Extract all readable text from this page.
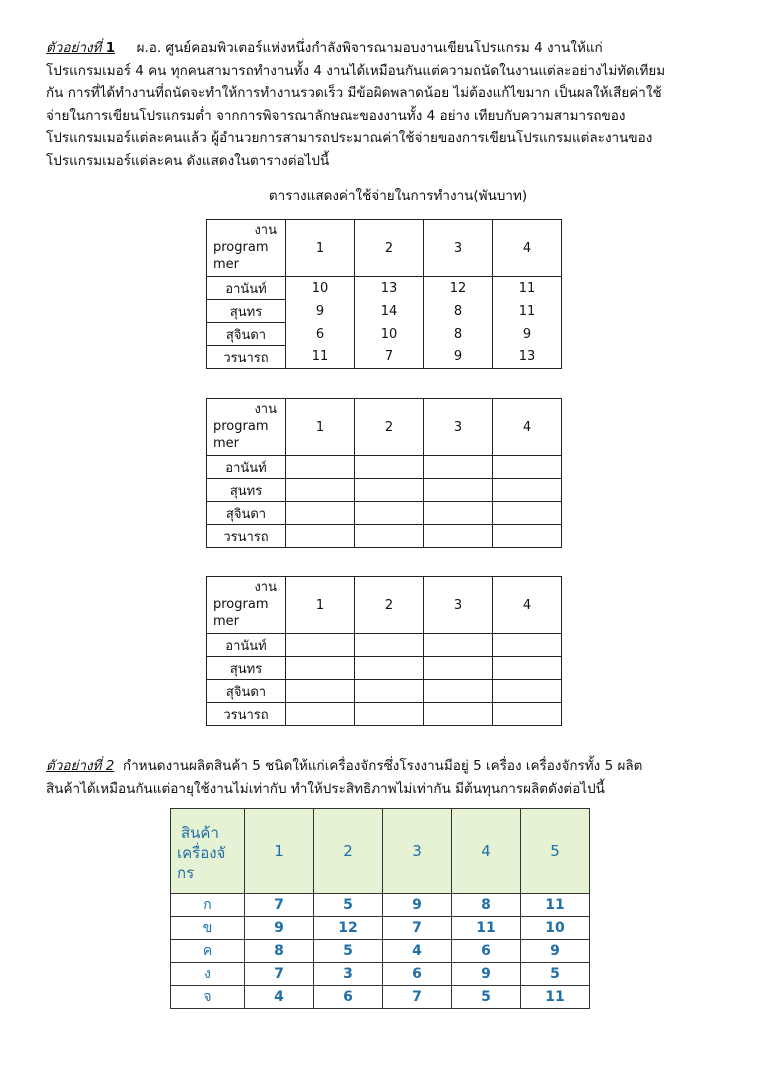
ตัวอย่างที่ 1 ผ.อ. ศูนย์คอมพิวเตอร์แห่งหนึ่งกำลังพิจารณามอบงานเขียนโปรแกรม 4 งานให้แก่
โปรแกรมเมอร์ 4 คน ทุกคนสามารถทำงานทั้ง 4 งานได้เหมือนกันแต่ความถนัดในงานแต่ละอย่างไม่ทัดเทียม
กัน การที่ได้ทำงานที่ถนัดจะทำให้การทำงานรวดเร็ว มีข้อผิดพลาดน้อย ไม่ต้องแก้ไขมาก เป็นผลให้เสียค่าใช้
จ่ายในการเขียนโปรแกรมต่ำ จากการพิจารณาลักษณะของงานทั้ง 4 อย่าง เทียบกับความสามารถของ
โปรแกรมเมอร์แต่ละคนแล้ว ผู้อำนวยการสามารถประมาณค่าใช้จ่ายของการเขียนโปรแกรมแต่ละงานของ
โปรแกรมเมอร์แต่ละคน ดังแสดงในตารางต่อไปนี้
ตารางแสดงค่าใช้จ่ายในการทำงาน(พันบาท)
งาน
program
mer	1	2	3	4
อานันท์	10	13	12	11
สุนทร	9	14	8	11
สุจินดา	6	10	8	9
วรนารถ	11	7	9	13
งาน
program
mer	1	2	3	4
อานันท์				
สุนทร				
สุจินดา				
วรนารถ				
งาน
program
mer	1	2	3	4
อานันท์				
สุนทร				
สุจินดา				
วรนารถ				
ตัวอย่างที่ 2 กำหนดงานผลิตสินค้า 5 ชนิดให้แก่เครื่องจักรซึ่งโรงงานมีอยู่ 5 เครื่อง เครื่องจักรทั้ง 5 ผลิต
สินค้าได้เหมือนกันแต่อายุใช้งานไม่เท่ากับ ทำให้ประสิทธิภาพไม่เท่ากัน มีต้นทุนการผลิตดังต่อไปนี้
สินค้า
เครื่องจั
กร	1	2	3	4	5
ก	7	5	9	8	11
ข	9	12	7	11	10
ค	8	5	4	6	9
ง	7	3	6	9	5
จ	4	6	7	5	11
